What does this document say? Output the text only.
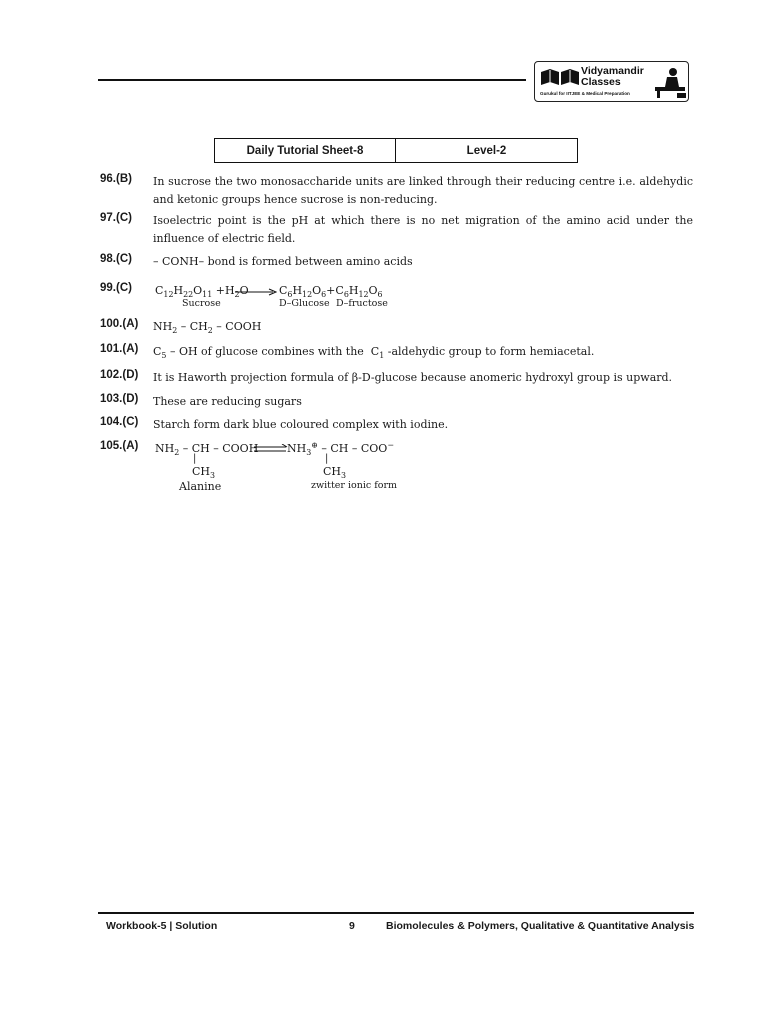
Vidyamandir
Classes
Gurukul for IITJEE & Medical Preparation
Daily Tutorial Sheet-8	Level-2
96.(B) In sucrose the two monosaccharide units are linked through their reducing centre i.e. aldehydic and ketonic groups hence sucrose is non-reducing.
97.(C) Isoelectric point is the pH at which there is no net migration of the amino acid under the influence of electric field.
98.(C) – CONH– bond is formed between amino acids
99.(C) $C_{12}H_{22}O_{11} +H_2O \to C_6H_{12}O_6+C_6H_{12}O_6$
Sucrose	D–Glucose D–fructose
100.(A) $NH_2 - CH_2$ – COOH
101.(A) $C_5$ – OH of glucose combines with the  $C_1$ -aldehydic group to form hemiacetal.
102.(D) It is Haworth projection formula of β-D-glucose because anomeric hydroxyl group is upward.
103.(D) These are reducing sugars
104.(C) Starch form dark blue coloured complex with iodine.
105.(A) $NH_2$ – CH – COOH	$NH_3^\oplus$ – CH – COO−
|
$CH_3$
|
$CH_3$
Alanine	zwitter ionic form
Workbook-5 | Solution	9	Biomolecules & Polymers, Qualitative & Quantitative Analysis
